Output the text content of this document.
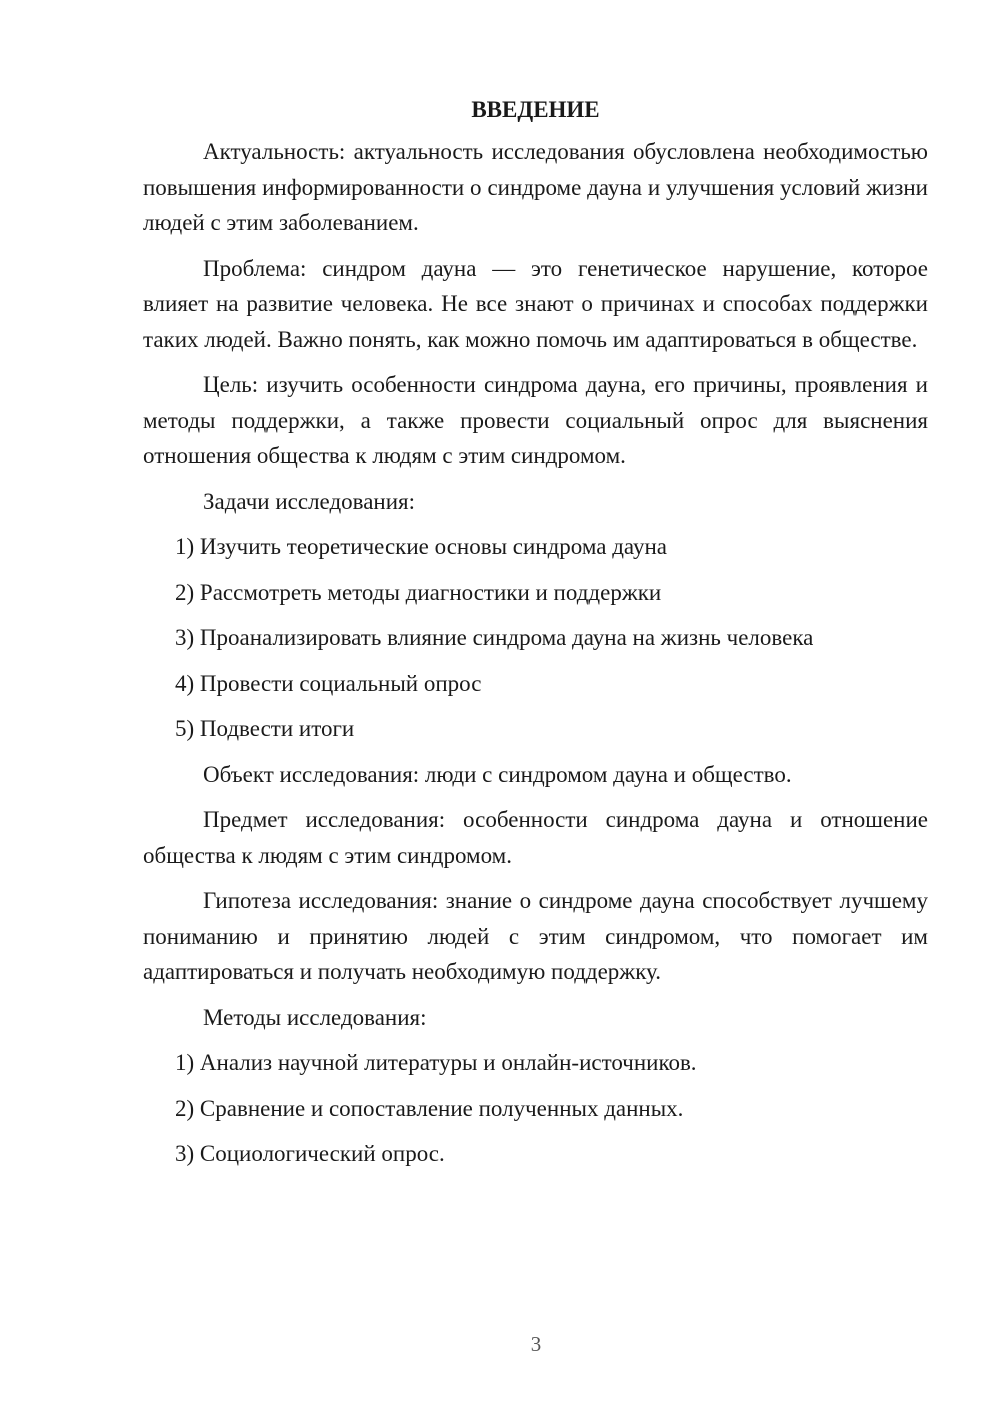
ВВЕДЕНИЕ

Актуальность: актуальность исследования обусловлена необходимостью повышения информированности о синдроме дауна и улучшения условий жизни людей с этим заболеванием.

Проблема: синдром дауна — это генетическое нарушение, которое влияет на развитие человека. Не все знают о причинах и способах поддержки таких людей. Важно понять, как можно помочь им адаптироваться в обществе.

Цель: изучить особенности синдрома дауна, его причины, проявления и методы поддержки, а также провести социальный опрос для выяснения отношения общества к людям с этим синдромом.

Задачи исследования:

1) Изучить теоретические основы синдрома дауна
2) Рассмотреть методы диагностики и поддержки
3) Проанализировать влияние синдрома дауна на жизнь человека
4) Провести социальный опрос
5) Подвести итоги

Объект исследования: люди с синдромом дауна и общество.

Предмет исследования: особенности синдрома дауна и отношение общества к людям с этим синдромом.

Гипотеза исследования: знание о синдроме дауна способствует лучшему пониманию и принятию людей с этим синдромом, что помогает им адаптироваться и получать необходимую поддержку.

Методы исследования:

1) Анализ научной литературы и онлайн-источников.
2) Сравнение и сопоставление полученных данных.
3) Социологический опрос.
3
